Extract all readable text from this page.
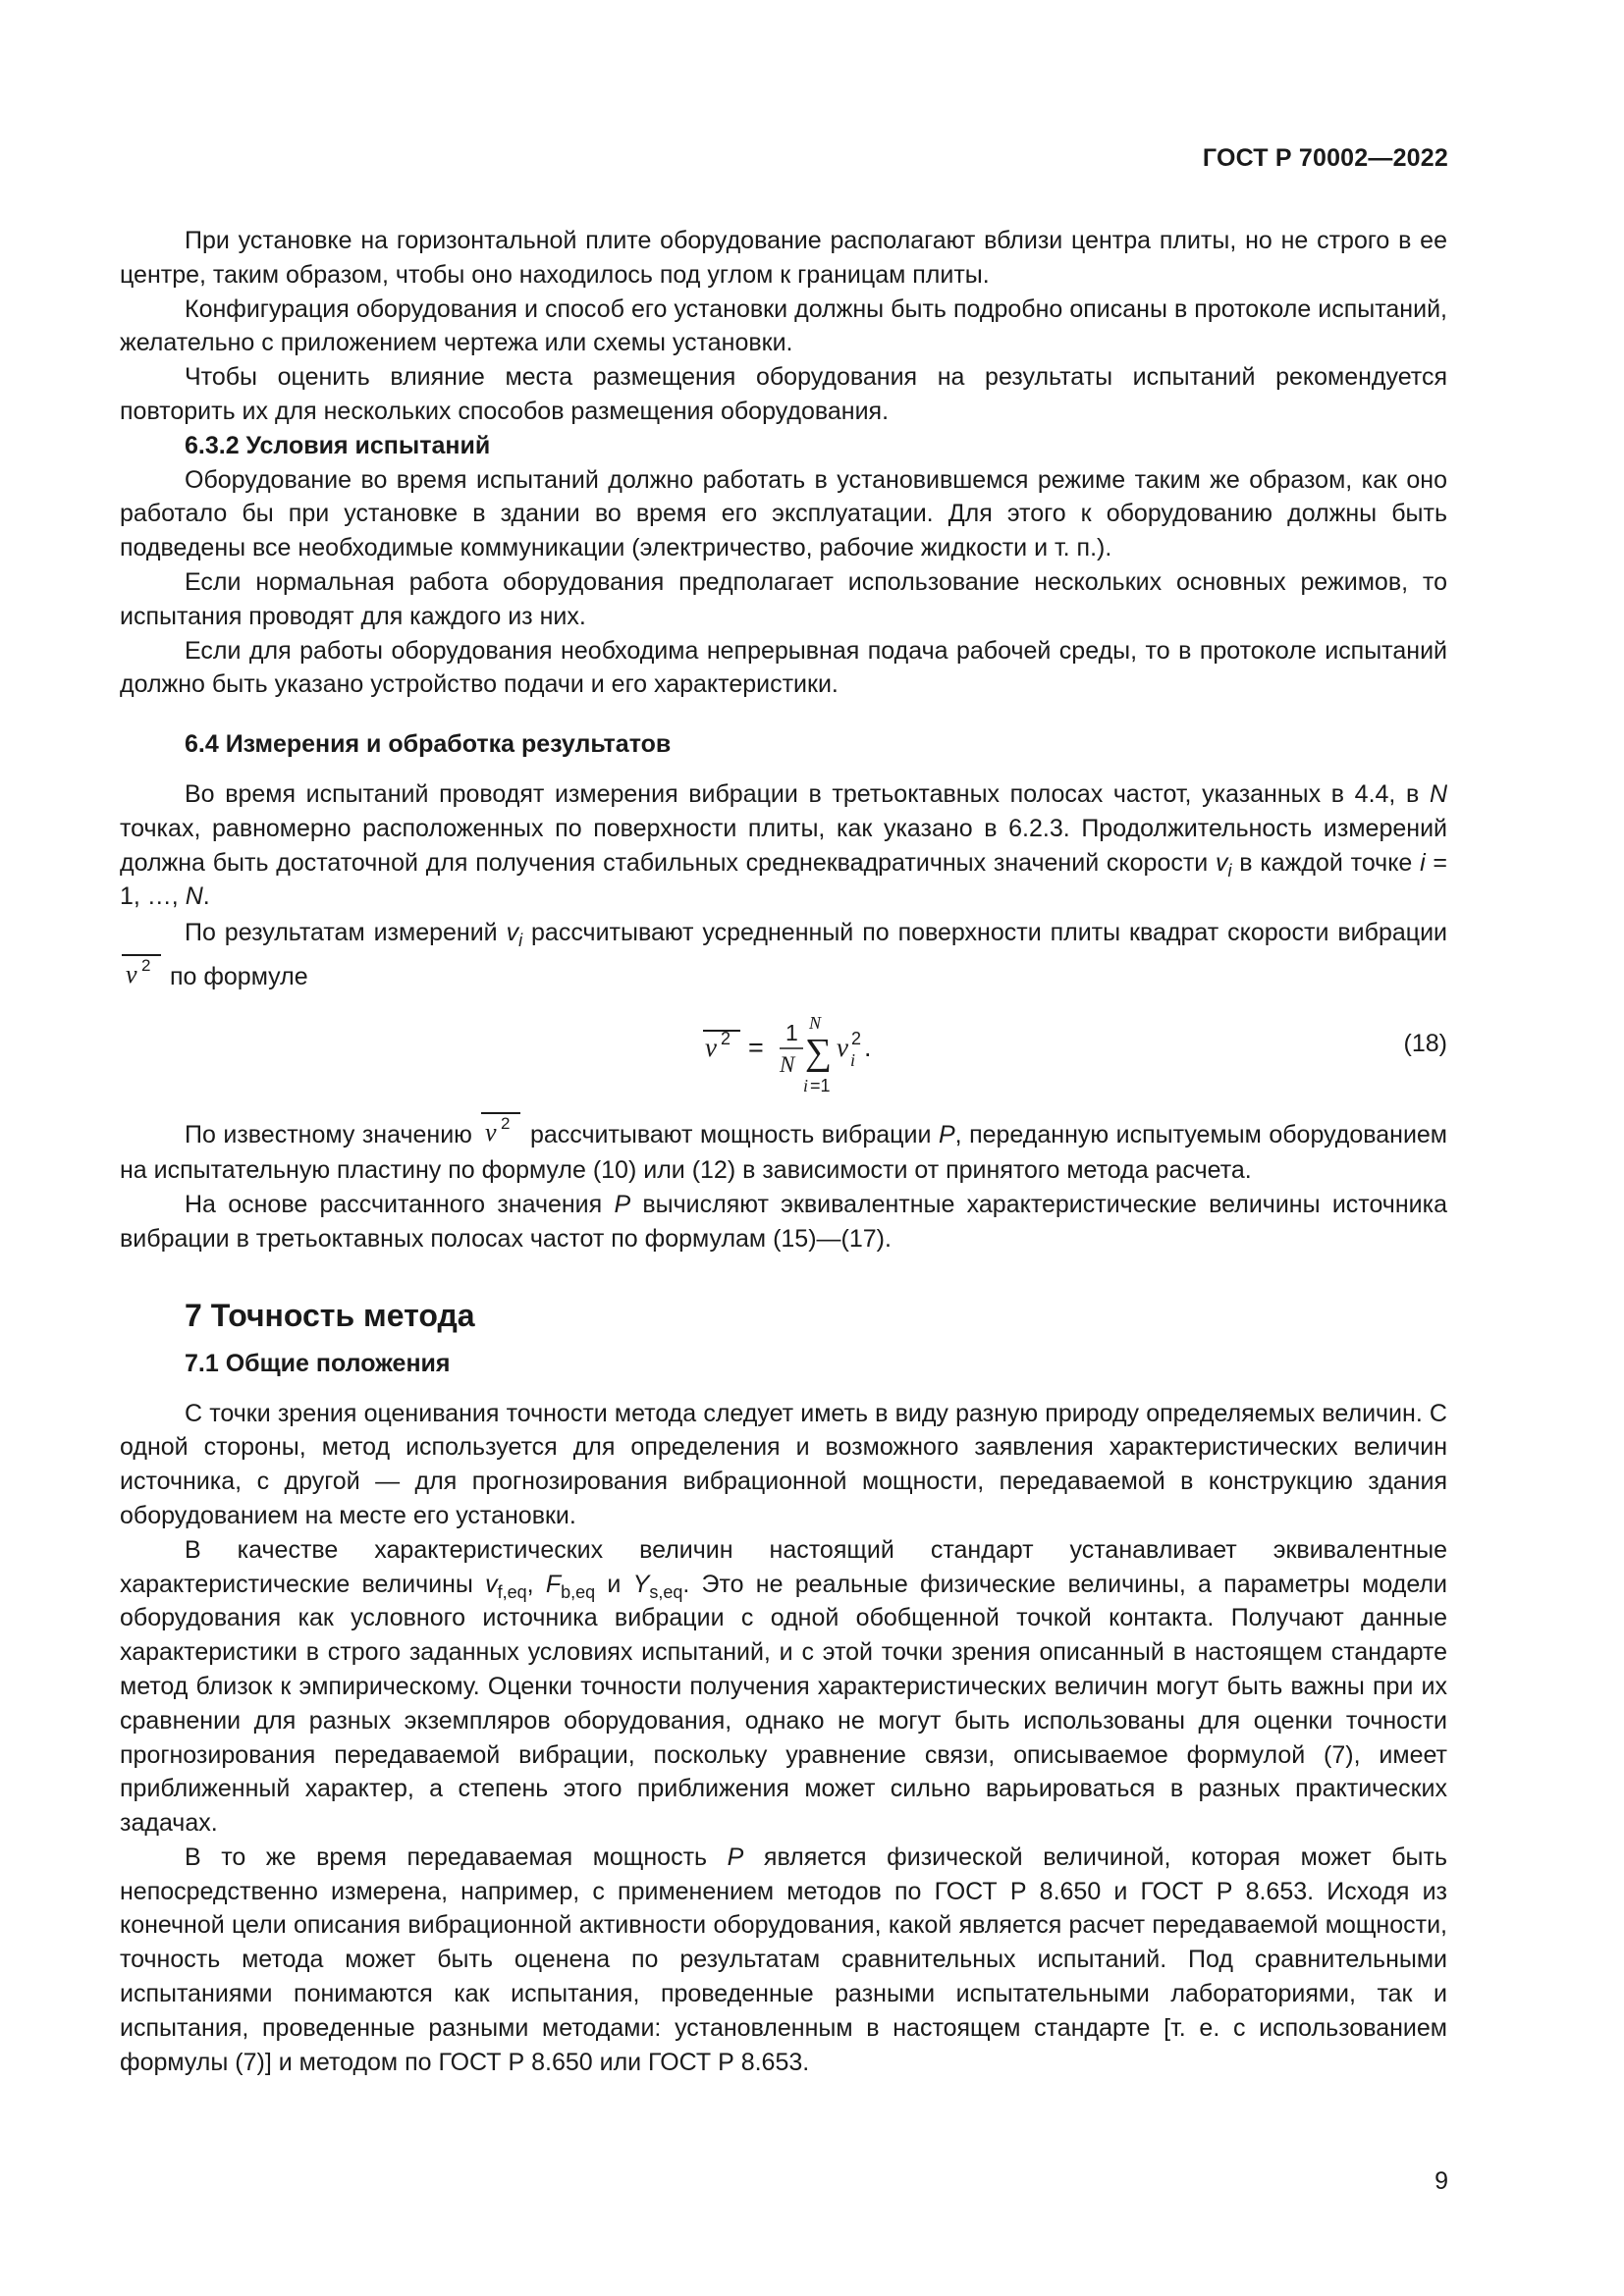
ГОСТ Р 70002—2022

При установке на горизонтальной плите оборудование располагают вблизи центра плиты, но не строго в ее центре, таким образом, чтобы оно находилось под углом к границам плиты.

Конфигурация оборудования и способ его установки должны быть подробно описаны в протоколе испытаний, желательно с приложением чертежа или схемы установки.

Чтобы оценить влияние места размещения оборудования на результаты испытаний рекомендуется повторить их для нескольких способов размещения оборудования.

6.3.2 Условия испытаний

Оборудование во время испытаний должно работать в установившемся режиме таким же образом, как оно работало бы при установке в здании во время его эксплуатации. Для этого к оборудованию должны быть подведены все необходимые коммуникации (электричество, рабочие жидкости и т. п.).

Если нормальная работа оборудования предполагает использование нескольких основных режимов, то испытания проводят для каждого из них.

Если для работы оборудования необходима непрерывная подача рабочей среды, то в протоколе испытаний должно быть указано устройство подачи и его характеристики.

6.4 Измерения и обработка результатов

Во время испытаний проводят измерения вибрации в третьоктавных полосах частот, указанных в 4.4, в N точках, равномерно расположенных по поверхности плиты, как указано в 6.2.3. Продолжительность измерений должна быть достаточной для получения стабильных среднеквадратичных значений скорости $v_i$ в каждой точке i = 1, …, N.

По результатам измерений $v_i$ рассчитывают усредненный по поверхности плиты квадрат скорости вибрации
v 2 по формуле

v 2 = 1
N
N
∑
i =1
v 2
i .	(18)

По известному значению v 2 рассчитывают мощность вибрации P, переданную испытуемым оборудованием на испытательную пластину по формуле (10) или (12) в зависимости от принятого метода расчета.

На основе рассчитанного значения P вычисляют эквивалентные характеристические величины источника вибрации в третьоктавных полосах частот по формулам (15)—(17).

7 Точность метода

7.1 Общие положения

С точки зрения оценивания точности метода следует иметь в виду разную природу определяемых величин. С одной стороны, метод используется для определения и возможного заявления характеристических величин источника, с другой — для прогнозирования вибрационной мощности, передаваемой в конструкцию здания оборудованием на месте его установки.

В качестве характеристических величин настоящий стандарт устанавливает эквивалентные характеристические величины $v_{f,eq}$, $F_{b,eq}$ и $Y_{s,eq}$. Это не реальные физические величины, а параметры модели оборудования как условного источника вибрации с одной обобщенной точкой контакта. Получают данные характеристики в строго заданных условиях испытаний, и с этой точки зрения описанный в настоящем стандарте метод близок к эмпирическому. Оценки точности получения характеристических величин могут быть важны при их сравнении для разных экземпляров оборудования, однако не могут быть использованы для оценки точности прогнозирования передаваемой вибрации, поскольку уравнение связи, описываемое формулой (7), имеет приближенный характер, а степень этого приближения может сильно варьироваться в разных практических задачах.

В то же время передаваемая мощность P является физической величиной, которая может быть непосредственно измерена, например, с применением методов по ГОСТ Р 8.650 и ГОСТ Р 8.653. Исходя из конечной цели описания вибрационной активности оборудования, какой является расчет передаваемой мощности, точность метода может быть оценена по результатам сравнительных испытаний. Под сравнительными испытаниями понимаются как испытания, проведенные разными испытательными лабораториями, так и испытания, проведенные разными методами: установленным в настоящем стандарте [т. е. с использованием формулы (7)] и методом по ГОСТ Р 8.650 или ГОСТ Р 8.653.

9
